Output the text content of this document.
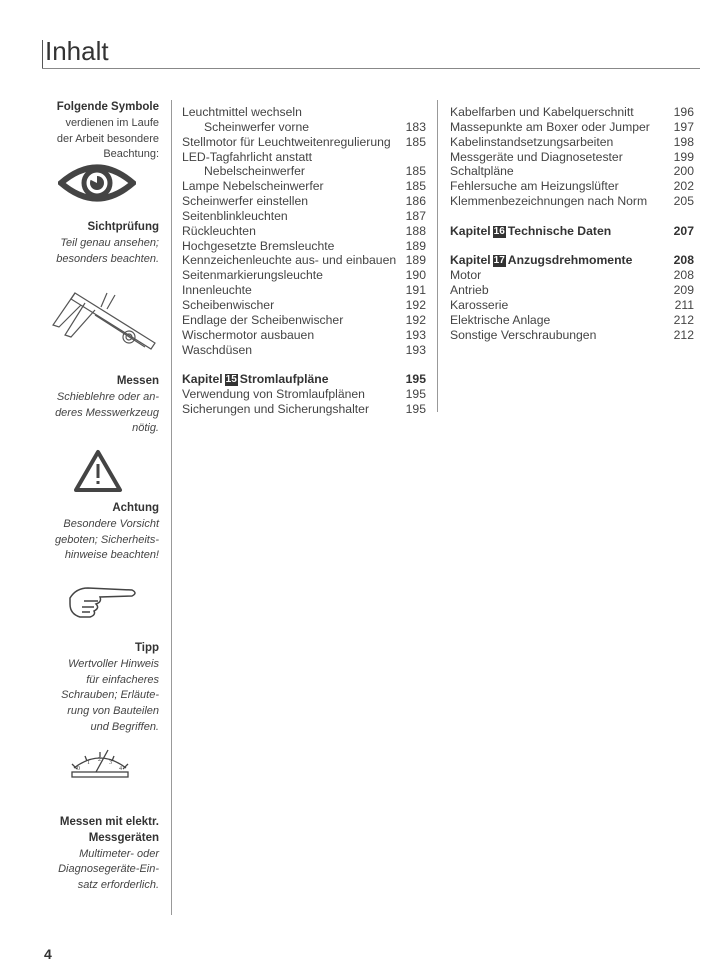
Inhalt
Folgende Symbole
verdienen im Laufe
der Arbeit besondere
Beachtung:
Sichtprüfung
Teil genau ansehen;
besonders beachten.
Messen
Schieblehre oder an-
deres Messwerkzeug
nötig.
Achtung
Besondere Vorsicht
geboten; Sicherheits-
hinweise beachten!
Tipp
Wertvoller Hinweis
für einfacheres
Schrauben; Erläute-
rung von Bauteilen
und Begriffen.
0
1 2 3
4
Messen mit elektr.
Messgeräten
Multimeter- oder
Diagnosegeräte-Ein-
satz erforderlich.
Leuchtmittel wechseln
Scheinwerfer vorne	183
Stellmotor für Leuchtweitenregulierung 185
LED-Tagfahrlicht anstatt
Nebelscheinwerfer	185
Lampe Nebelscheinwerfer	185
Scheinwerfer einstellen	186
Seitenblinkleuchten	187
Rückleuchten	188
Hochgesetzte Bremsleuchte	189
Kennzeichenleuchte aus- und einbauen 189
Seitenmarkierungsleuchte	190
Innenleuchte	191
Scheibenwischer	192
Endlage der Scheibenwischer	192
Wischermotor ausbauen	193
Waschdüsen	193
Kapitel 15 Stromlaufpläne	195
Verwendung von Stromlaufplänen	195
Sicherungen und Sicherungshalter	195
Kabelfarben und Kabelquerschnitt	196
Massepunkte am Boxer oder Jumper 197
Kabelinstandsetzungsarbeiten	198
Messgeräte und Diagnosetester	199
Schaltpläne	200
Fehlersuche am Heizungslüfter	202
Klemmenbezeichnungen nach Norm 205
Kapitel 16 Technische Daten	207
Kapitel 17 Anzugsdrehmomente	208
Motor	208
Antrieb	209
Karosserie	211
Elektrische Anlage	212
Sonstige Verschraubungen	212
4
